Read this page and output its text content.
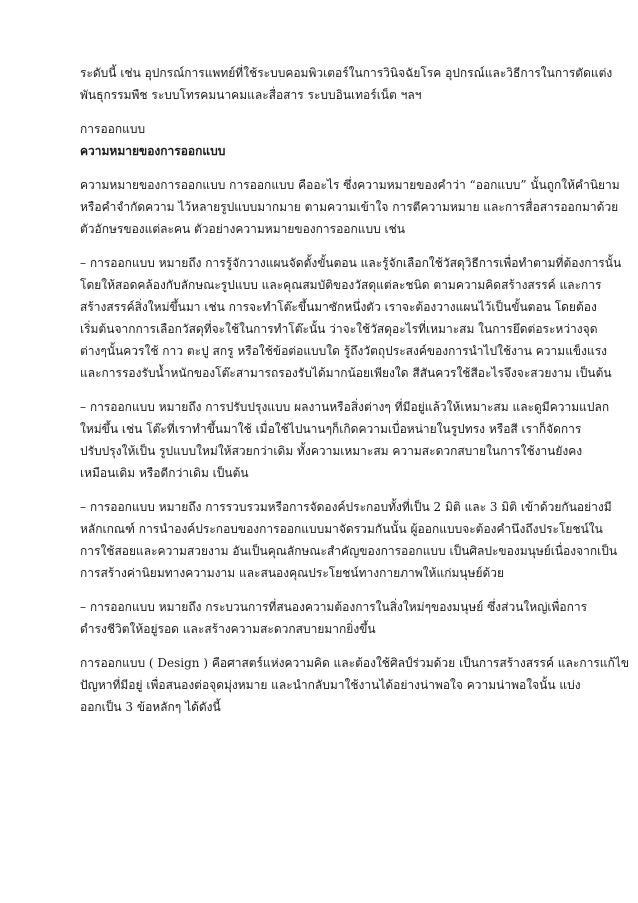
ระดับนี้ เช่น อุปกรณ์การแพทย์ที่ใช้ระบบคอมพิวเตอร์ในการวินิจฉัยโรค อุปกรณ์และวิธีการในการตัดแต่ง
พันธุกรรมพืช ระบบโทรคมนาคมและสื่อสาร ระบบอินเทอร์เน็ต ฯลฯ

การออกแบบ

ความหมายของการออกแบบ

ความหมายของการออกแบบ การออกแบบ คืออะไร ซึ่งความหมายของคำว่า “ออกแบบ” นั้นถูกให้คำนิยาม
หรือคำจำกัดความ ไว้หลายรูปแบบมากมาย ตามความเข้าใจ การตีความหมาย และการสื่อสารออกมาด้วย
ตัวอักษรของแต่ละคน ตัวอย่างความหมายของการออกแบบ เช่น

– การออกแบบ หมายถึง การรู้จักวางแผนจัดตั้งขั้นตอน และรู้จักเลือกใช้วัสดุวิธีการเพื่อทำตามที่ต้องการนั้น
โดยให้สอดคล้องกับลักษณะรูปแบบ และคุณสมบัติของวัสดุแต่ละชนิด ตามความคิดสร้างสรรค์ และการ
สร้างสรรค์สิ่งใหม่ขึ้นมา เช่น การจะทำโต๊ะขึ้นมาซักหนึ่งตัว เราจะต้องวางแผนไว้เป็นขั้นตอน โดยต้อง
เริ่มต้นจากการเลือกวัสดุที่จะใช้ในการทำโต๊ะนั้น ว่าจะใช้วัสดุอะไรที่เหมาะสม ในการยึดต่อระหว่างจุด
ต่างๆนั้นควรใช้ กาว ตะปู สกรู หรือใช้ข้อต่อแบบใด รู้ถึงวัตถุประสงค์ของการนำไปใช้งาน ความแข็งแรง
และการรองรับน้ำหนักของโต๊ะสามารถรองรับได้มากน้อยเพียงใด สีสันควรใช้สีอะไรจึงจะสวยงาม เป็นต้น

– การออกแบบ หมายถึง การปรับปรุงแบบ ผลงานหรือสิ่งต่างๆ ที่มีอยู่แล้วให้เหมาะสม และดูมีความแปลก
ใหม่ขึ้น เช่น โต๊ะที่เราทำขึ้นมาใช้ เมื่อใช้ไปนานๆก็เกิดความเบื่อหน่ายในรูปทรง หรือสี เราก็จัดการ
ปรับปรุงให้เป็น รูปแบบใหม่ให้สวยกว่าเดิม ทั้งความเหมาะสม ความสะดวกสบายในการใช้งานยังคง
เหมือนเดิม หรือดีกว่าเดิม เป็นต้น

– การออกแบบ หมายถึง การรวบรวมหรือการจัดองค์ประกอบทั้งที่เป็น 2 มิติ และ 3 มิติ เข้าด้วยกันอย่างมี
หลักเกณฑ์ การนำองค์ประกอบของการออกแบบมาจัดรวมกันนั้น ผู้ออกแบบจะต้องคำนึงถึงประโยชน์ใน
การใช้สอยและความสวยงาม อันเป็นคุณลักษณะสำคัญของการออกแบบ เป็นศิลปะของมนุษย์เนื่องจากเป็น
การสร้างค่านิยมทางความงาม และสนองคุณประโยชน์ทางกายภาพให้แก่มนุษย์ด้วย

– การออกแบบ หมายถึง กระบวนการที่สนองความต้องการในสิ่งใหม่ๆของมนุษย์ ซึ่งส่วนใหญ่เพื่อการ
ดำรงชีวิตให้อยู่รอด และสร้างความสะดวกสบายมากยิ่งขึ้น

การออกแบบ ( Design ) คือศาสตร์แห่งความคิด และต้องใช้ศิลป์ร่วมด้วย เป็นการสร้างสรรค์ และการแก้ไข
ปัญหาที่มีอยู่ เพื่อสนองต่อจุดมุ่งหมาย และนำกลับมาใช้งานได้อย่างน่าพอใจ ความน่าพอใจนั้น แบ่ง
ออกเป็น 3 ข้อหลักๆ ได้ดังนี้
